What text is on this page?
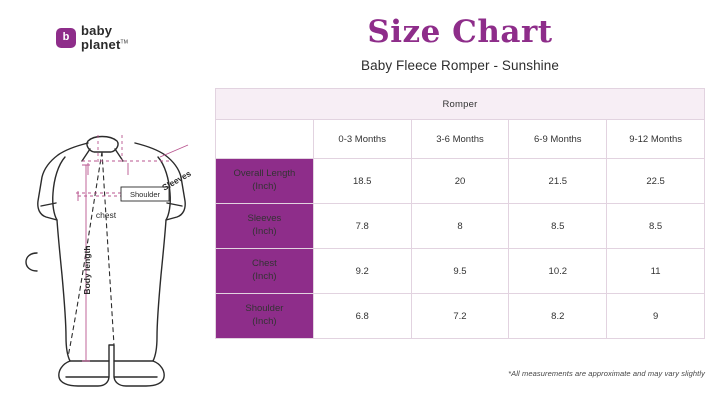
b baby
planet™	Size Chart
Baby Fleece Romper - Sunshine
Shoulder
chest
Sleeves
Body length
Romper				
	0-3 Months	3-6 Months	6-9 Months	9-12 Months

Overall Length
(Inch)	18.5	20	21.5	22.5

Sleeves
(Inch)	7.8	8	8.5	8.5

Chest
(Inch)	9.2	9.5	10.2	11

Shoulder
(Inch)	6.8	7.2	8.2	9
*All measurements are approximate and may vary slightly
